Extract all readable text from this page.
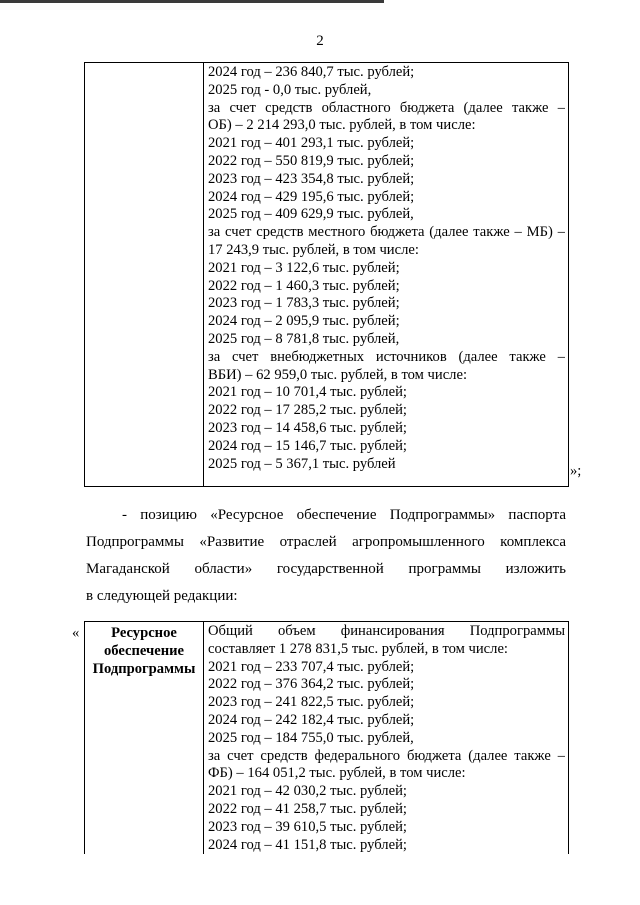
2

2024 год – 236 840,7 тыс. рублей;
2025 год - 0,0 тыс. рублей,
за счет средств областного бюджета (далее также –
ОБ) – 2 214 293,0 тыс. рублей, в том числе:
2021 год – 401 293,1 тыс. рублей;
2022 год – 550 819,9 тыс. рублей;
2023 год – 423 354,8 тыс. рублей;
2024 год – 429 195,6 тыс. рублей;
2025 год – 409 629,9 тыс. рублей,
за счет средств местного бюджета (далее также – МБ) –
17 243,9 тыс. рублей, в том числе:
2021 год – 3 122,6 тыс. рублей;
2022 год – 1 460,3 тыс. рублей;
2023 год – 1 783,3 тыс. рублей;
2024 год – 2 095,9 тыс. рублей;
2025 год – 8 781,8 тыс. рублей,
за счет внебюджетных источников (далее также –
ВБИ) – 62 959,0 тыс. рублей, в том числе:
2021 год – 10 701,4 тыс. рублей;
2022 год – 17 285,2 тыс. рублей;
2023 год – 14 458,6 тыс. рублей;
2024 год – 15 146,7 тыс. рублей;
2025 год – 5 367,1 тыс. рублей	»;
- позицию «Ресурсное обеспечение Подпрограммы» паспорта
Подпрограммы «Развитие отраслей агропромышленного комплекса
Магаданской области» государственной программы изложить
в следующей редакции:
«	Ресурсное
обеспечение
Подпрограммы

Общий объем финансирования Подпрограммы
составляет 1 278 831,5 тыс. рублей, в том числе:
2021 год – 233 707,4 тыс. рублей;
2022 год – 376 364,2 тыс. рублей;
2023 год – 241 822,5 тыс. рублей;
2024 год – 242 182,4 тыс. рублей;
2025 год – 184 755,0 тыс. рублей,
за счет средств федерального бюджета (далее также –
ФБ) – 164 051,2 тыс. рублей, в том числе:
2021 год – 42 030,2 тыс. рублей;
2022 год – 41 258,7 тыс. рублей;
2023 год – 39 610,5 тыс. рублей;
2024 год – 41 151,8 тыс. рублей;
